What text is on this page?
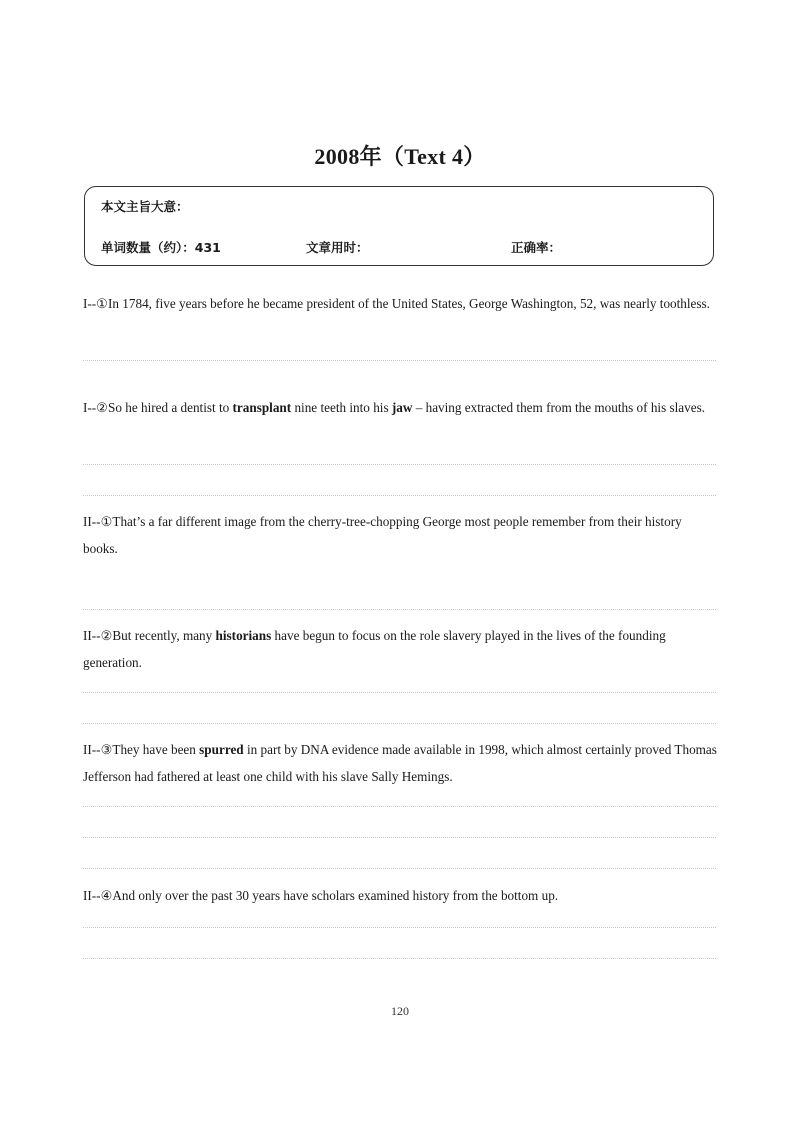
2008年（Text 4）
本文主旨大意：
单词数量（约）：431	文章用时：	正确率：
I--①In 1784, five years before he became president of the United States, George Washington, 52, was nearly toothless.
I--②So he hired a dentist to transplant nine teeth into his jaw – having extracted them from the mouths of his slaves.
II--①That’s a far different image from the cherry-tree-chopping George most people remember from their history books.
II--②But recently, many historians have begun to focus on the role slavery played in the lives of the founding generation.
II--③They have been spurred in part by DNA evidence made available in 1998, which almost certainly proved Thomas Jefferson had fathered at least one child with his slave Sally Hemings.
II--④And only over the past 30 years have scholars examined history from the bottom up.
120
